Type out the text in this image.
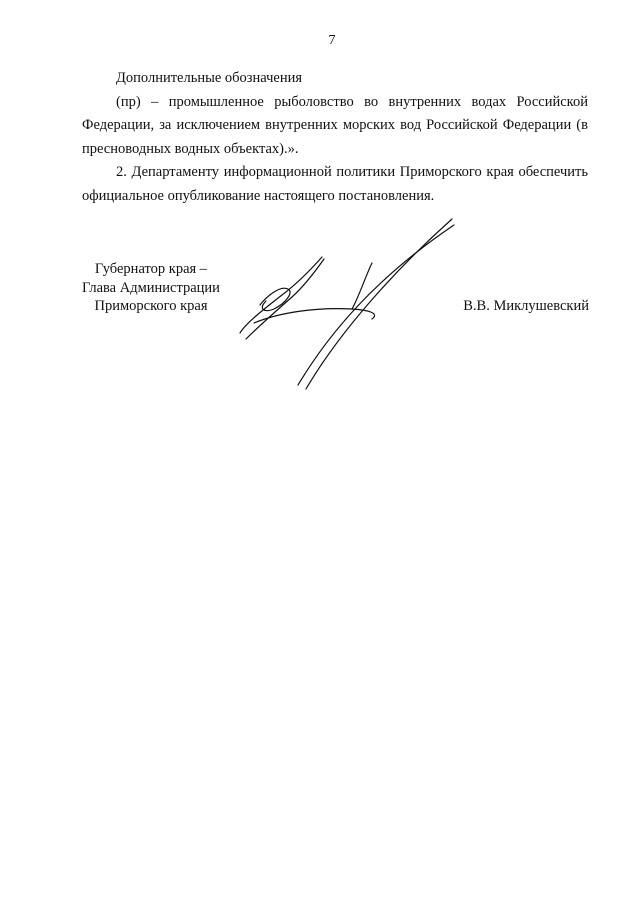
7

Дополнительные обозначения

(пр) – промышленное рыболовство во внутренних водах Российской Федерации, за исключением внутренних морских вод Российской Федерации (в пресноводных водных объектах).».

2. Департаменту информационной политики Приморского края обеспечить официальное опубликование настоящего постановления.

Губернатор края –
Глава Администрации
Приморского края	В.В. Миклушевский
